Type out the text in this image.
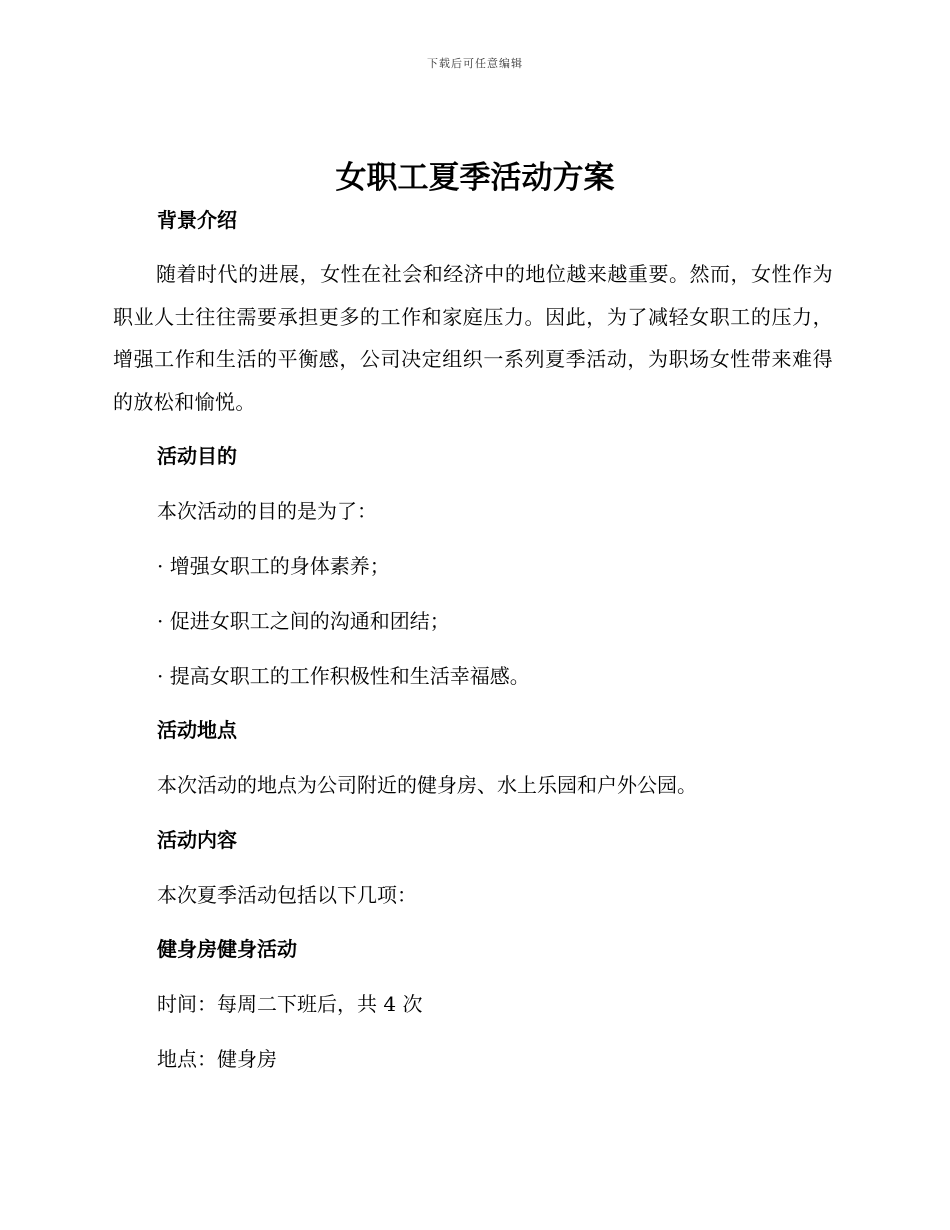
下载后可任意编辑
女职工夏季活动方案
背景介绍
随着时代的进展，女性在社会和经济中的地位越来越重要。然而，女性作为职业人士往往需要承担更多的工作和家庭压力。因此，为了减轻女职工的压力，增强工作和生活的平衡感，公司决定组织一系列夏季活动，为职场女性带来难得的放松和愉悦。
活动目的
本次活动的目的是为了：
· 增强女职工的身体素养；
· 促进女职工之间的沟通和团结；
· 提高女职工的工作积极性和生活幸福感。
活动地点
本次活动的地点为公司附近的健身房、水上乐园和户外公园。
活动内容
本次夏季活动包括以下几项：
健身房健身活动
时间：每周二下班后，共 4 次
地点：健身房
